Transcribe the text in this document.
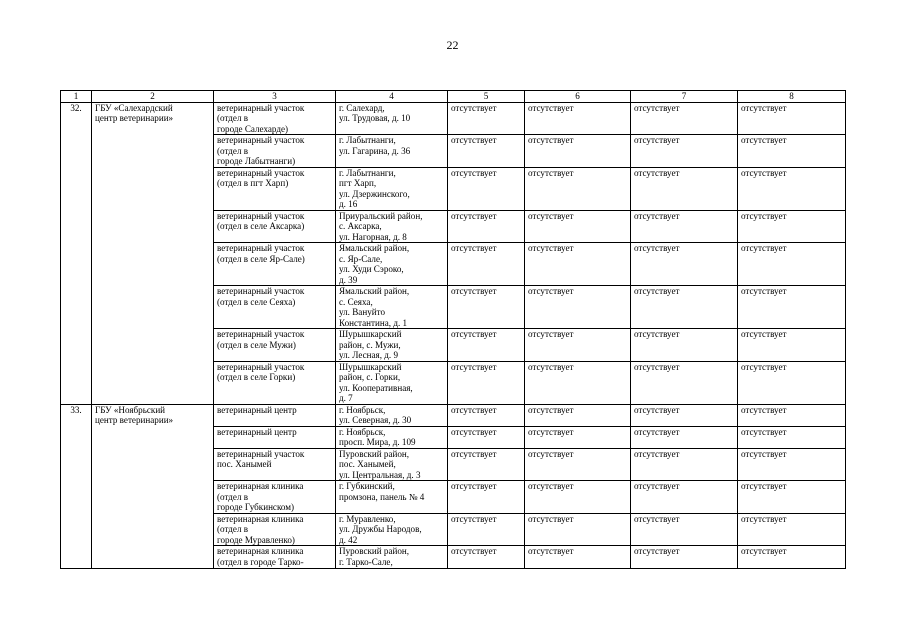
22
1	2	3	4	5	6	7	8
32.	ГБУ «Салехардский
центр ветеринарии»	ветеринарный участок
(отдел в
городе Салехарде)	г. Салехард,
ул. Трудовая, д. 10	отсутствует	отсутствует	отсутствует	отсутствует

		ветеринарный участок
(отдел в
городе Лабытнанги)	г. Лабытнанги,
ул. Гагарина, д. 36	отсутствует	отсутствует	отсутствует	отсутствует

		ветеринарный участок
(отдел в пгт Харп)	г. Лабытнанги,
пгт Харп,
ул. Дзержинского,
д. 16	отсутствует	отсутствует	отсутствует	отсутствует

		ветеринарный участок
(отдел в селе Аксарка)	Приуральский район,
с. Аксарка,
ул. Нагорная, д. 8	отсутствует	отсутствует	отсутствует	отсутствует

		ветеринарный участок
(отдел в селе Яр-Сале)	Ямальский район,
с. Яр-Сале,
ул. Худи Сэроко,
д. 39	отсутствует	отсутствует	отсутствует	отсутствует

		ветеринарный участок
(отдел в селе Сеяха)	Ямальский район,
с. Сеяха,
ул. Вануйто
Константина, д. 1	отсутствует	отсутствует	отсутствует	отсутствует

		ветеринарный участок
(отдел в селе Мужи)	Шурышкарский
район, с. Мужи,
ул. Лесная, д. 9	отсутствует	отсутствует	отсутствует	отсутствует

		ветеринарный участок
(отдел в селе Горки)	Шурышкарский
район, с. Горки,
ул. Кооперативная,
д. 7	отсутствует	отсутствует	отсутствует	отсутствует
33.	ГБУ «Ноябрьский
центр ветеринарии»	ветеринарный центр	г. Ноябрьск,
ул. Северная, д. 30	отсутствует	отсутствует	отсутствует	отсутствует

		ветеринарный центр	г. Ноябрьск,
просп. Мира, д. 109	отсутствует	отсутствует	отсутствует	отсутствует

		ветеринарный участок
пос. Ханымей	Пуровский район,
пос. Ханымей,
ул. Центральная, д. 3	отсутствует	отсутствует	отсутствует	отсутствует

		ветеринарная клиника
(отдел в
городе Губкинском)	г. Губкинский,
промзона, панель № 4	отсутствует	отсутствует	отсутствует	отсутствует

		ветеринарная клиника
(отдел в
городе Муравленко)	г. Муравленко,
ул. Дружбы Народов,
д. 42	отсутствует	отсутствует	отсутствует	отсутствует

		ветеринарная клиника
(отдел в городе Тарко-	Пуровский район,
г. Тарко-Сале,	отсутствует	отсутствует	отсутствует	отсутствует
